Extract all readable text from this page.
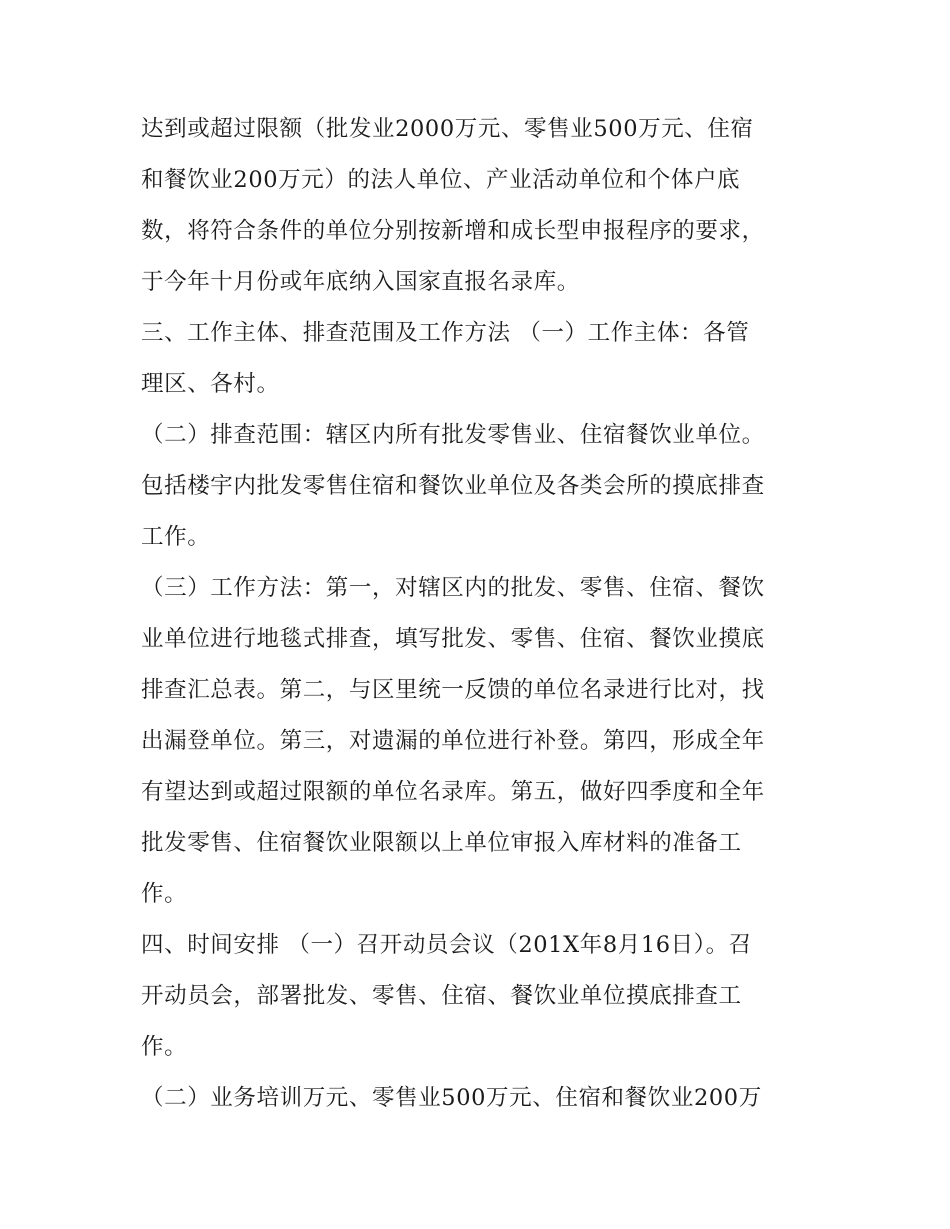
达到或超过限额（批发业2000万元、零售业500万元、住宿
和餐饮业200万元）的法人单位、产业活动单位和个体户底
数，将符合条件的单位分别按新增和成长型申报程序的要求，
于今年十月份或年底纳入国家直报名录库。
三、工作主体、排查范围及工作方法 （一）工作主体：各管
理区、各村。
（二）排查范围：辖区内所有批发零售业、住宿餐饮业单位。
包括楼宇内批发零售住宿和餐饮业单位及各类会所的摸底排查
工作。
（三）工作方法：第一，对辖区内的批发、零售、住宿、餐饮
业单位进行地毯式排查，填写批发、零售、住宿、餐饮业摸底
排查汇总表。第二，与区里统一反馈的单位名录进行比对，找
出漏登单位。第三，对遗漏的单位进行补登。第四，形成全年
有望达到或超过限额的单位名录库。第五，做好四季度和全年
批发零售、住宿餐饮业限额以上单位审报入库材料的准备工
作。
四、时间安排 （一）召开动员会议（201X年8月16日）。召
开动员会，部署批发、零售、住宿、餐饮业单位摸底排查工
作。
（二）业务培训万元、零售业500万元、住宿和餐饮业200万
